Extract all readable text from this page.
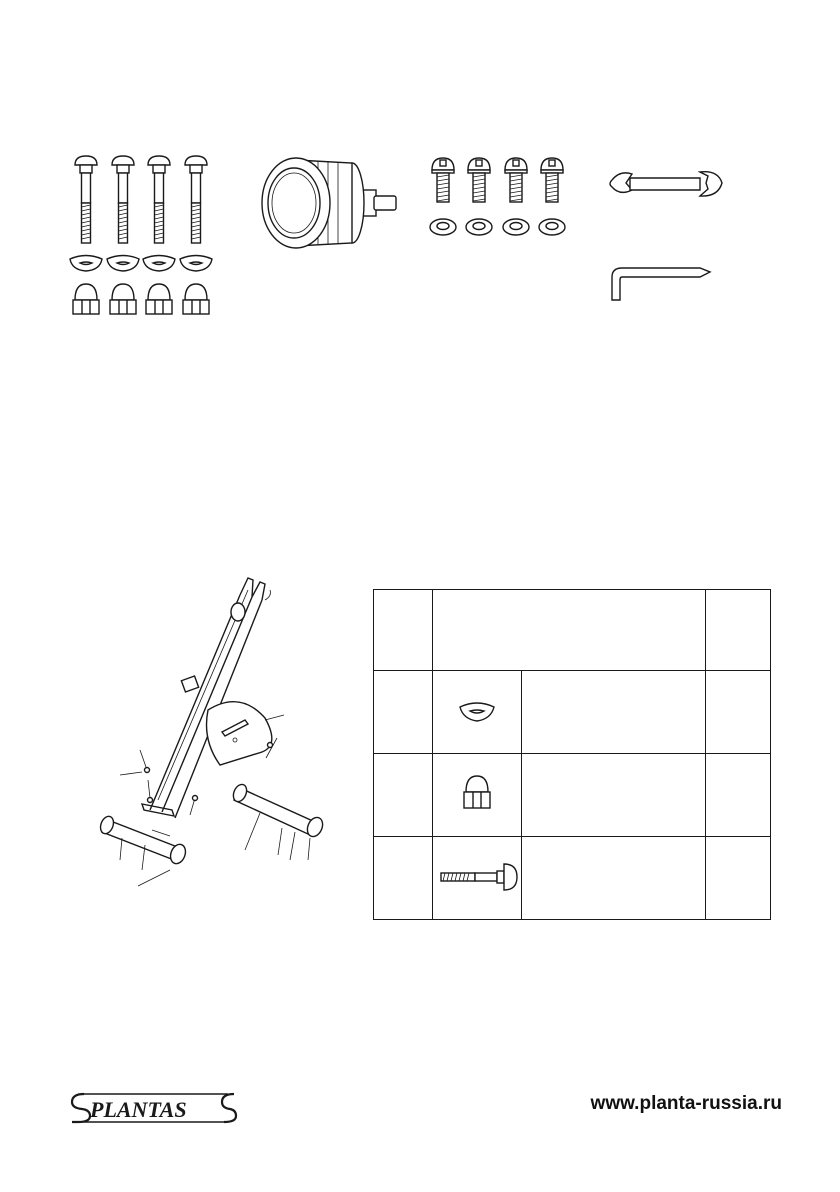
PLANTAS	www.planta-russia.ru
